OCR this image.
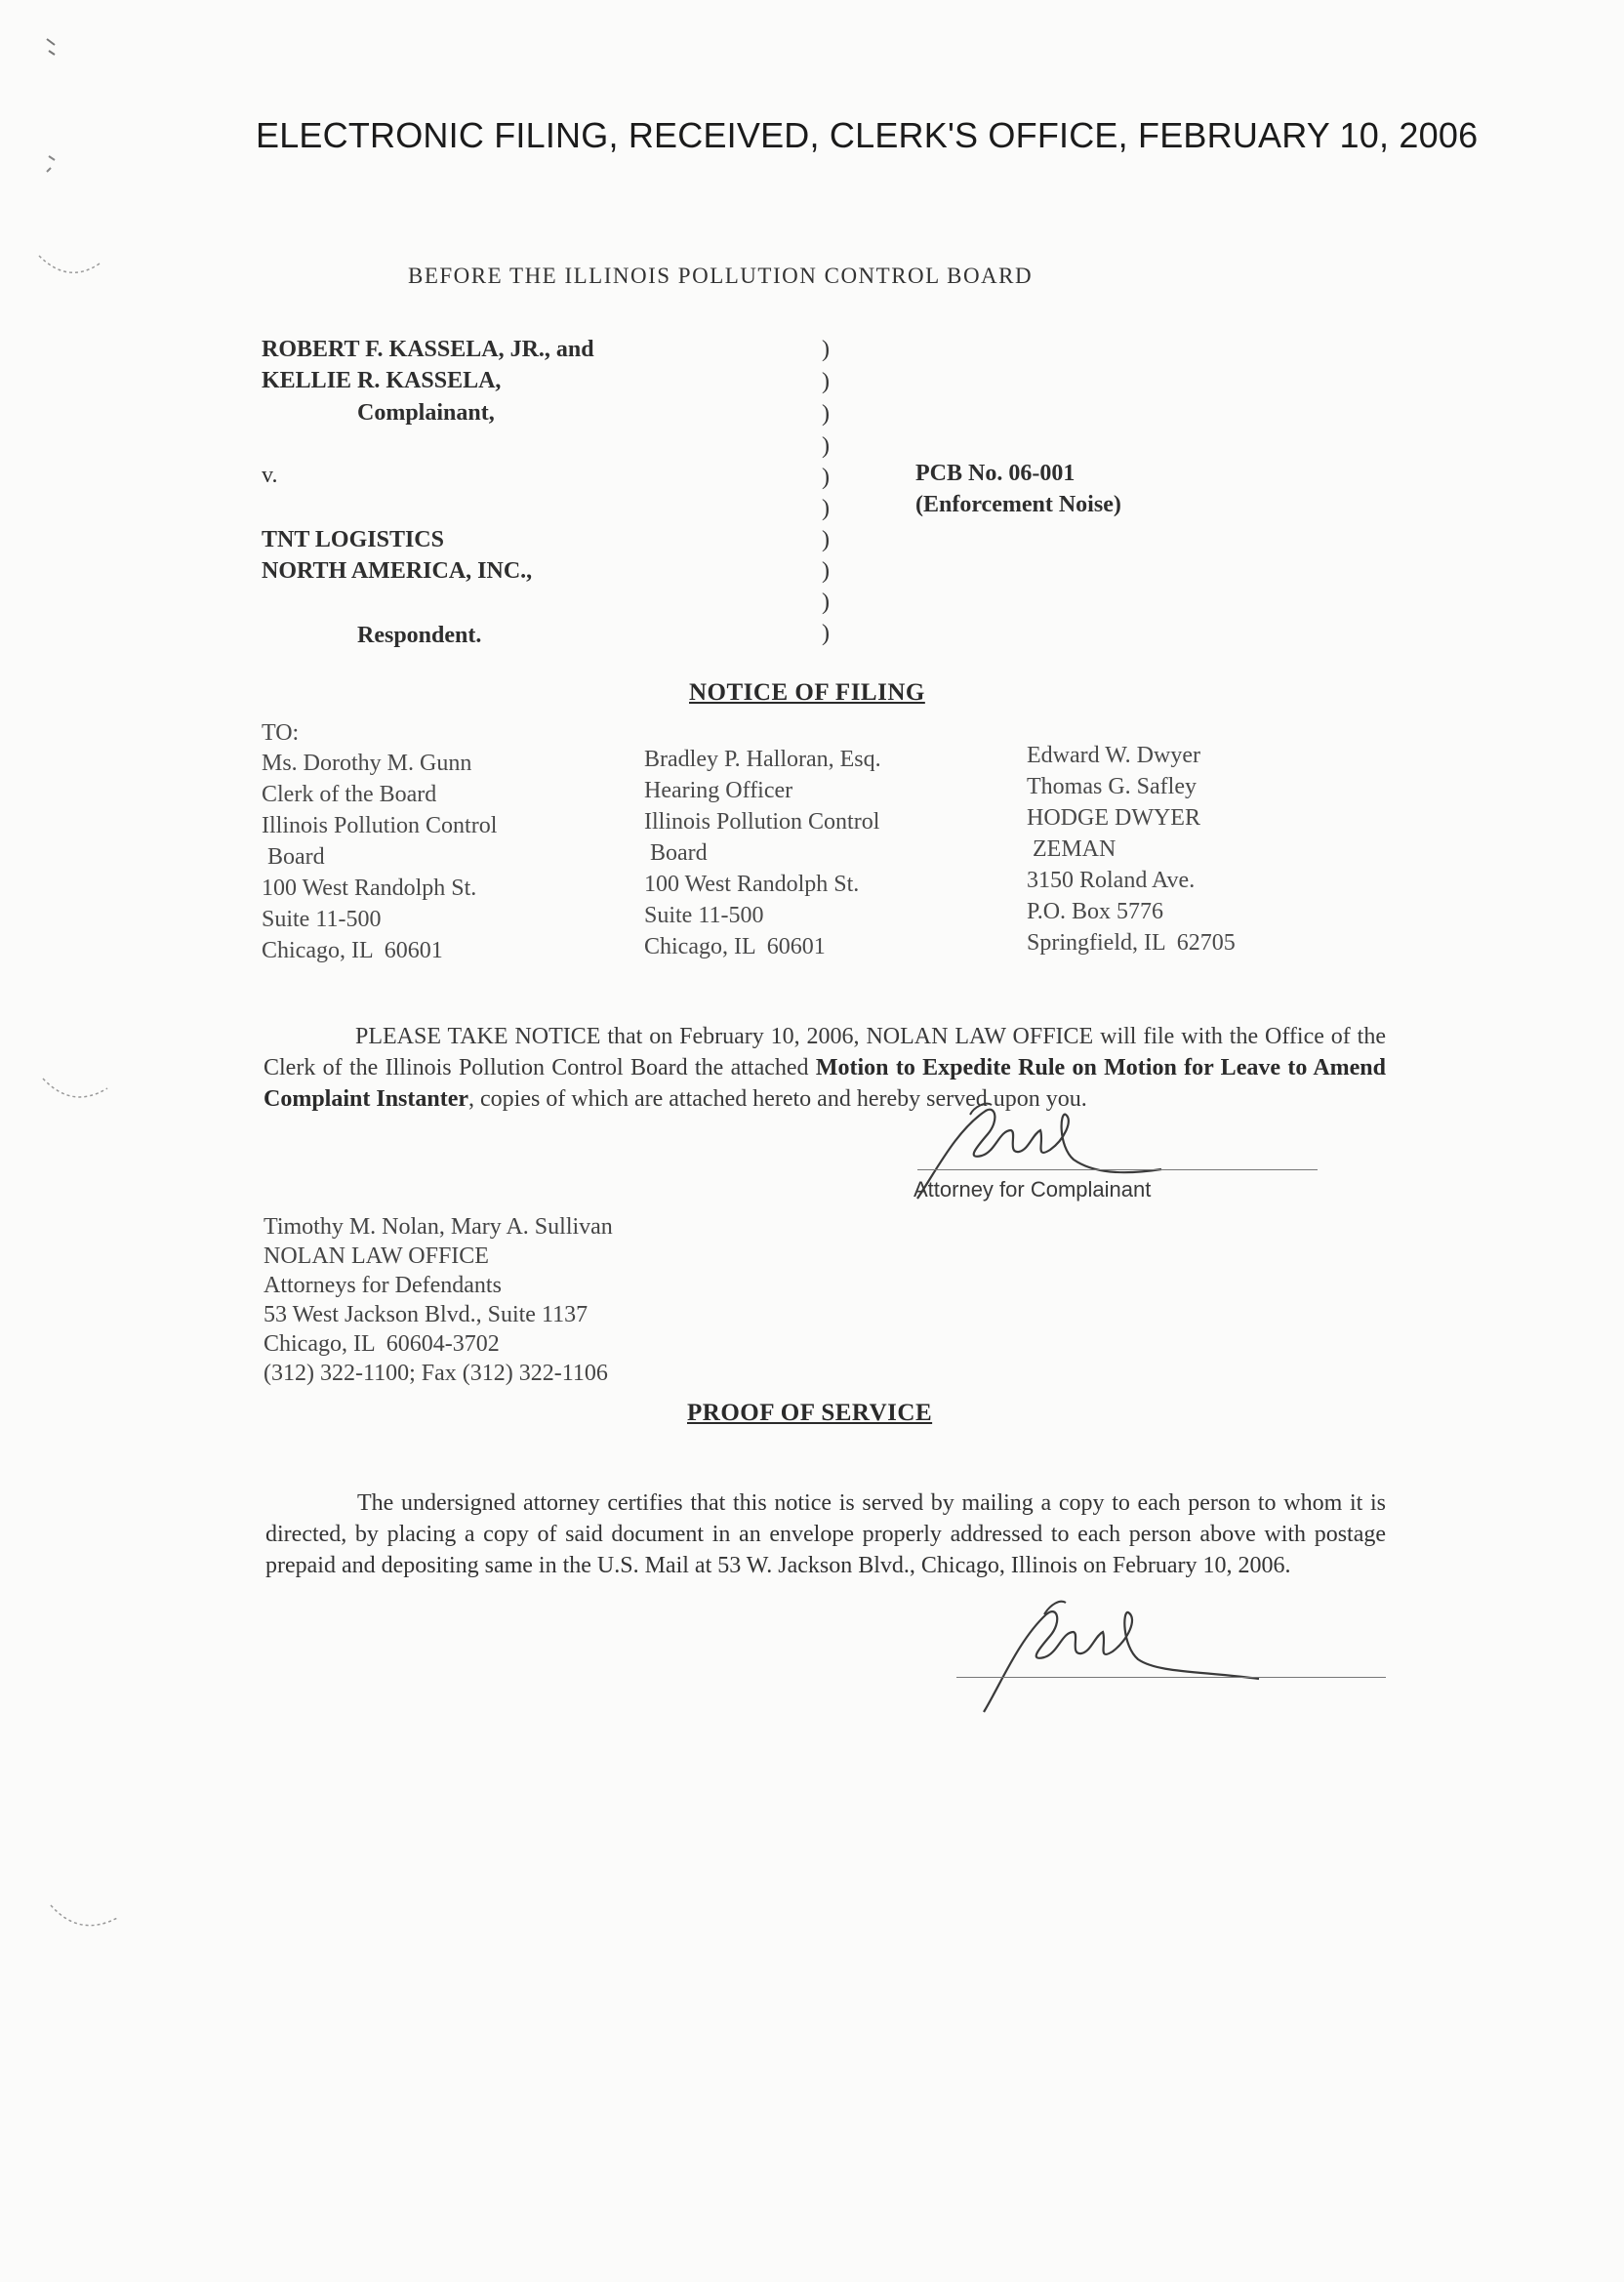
ELECTRONIC FILING, RECEIVED, CLERK'S OFFICE, FEBRUARY 10, 2006
BEFORE THE ILLINOIS POLLUTION CONTROL BOARD
ROBERT F. KASSELA, JR., and
KELLIE R. KASSELA,
Complainant,
v.
TNT LOGISTICS
NORTH AMERICA, INC.,
Respondent.
)
)
)
)
)
)
)
)
)
)
PCB No. 06-001
(Enforcement Noise)
NOTICE OF FILING
TO:
Ms. Dorothy M. Gunn
Clerk of the Board
Illinois Pollution Control
Board
100 West Randolph St.
Suite 11-500
Chicago, IL  60601
Bradley P. Halloran, Esq.
Hearing Officer
Illinois Pollution Control
Board
100 West Randolph St.
Suite 11-500
Chicago, IL  60601
Edward W. Dwyer
Thomas G. Safley
HODGE DWYER
ZEMAN
3150 Roland Ave.
P.O. Box 5776
Springfield, IL  62705
PLEASE TAKE NOTICE that on February 10, 2006, NOLAN LAW OFFICE will file with the Office of the Clerk of the Illinois Pollution Control Board the attached Motion to Expedite Rule on Motion for Leave to Amend Complaint Instanter, copies of which are attached hereto and hereby served upon you.
Attorney for Complainant
Timothy M. Nolan, Mary A. Sullivan
NOLAN LAW OFFICE
Attorneys for Defendants
53 West Jackson Blvd., Suite 1137
Chicago, IL  60604-3702
(312) 322-1100; Fax (312) 322-1106
PROOF OF SERVICE
The undersigned attorney certifies that this notice is served by mailing a copy to each person to whom it is directed, by placing a copy of said document in an envelope properly addressed to each person above with postage prepaid and depositing same in the U.S. Mail at 53 W. Jackson Blvd., Chicago, Illinois on February 10, 2006.
